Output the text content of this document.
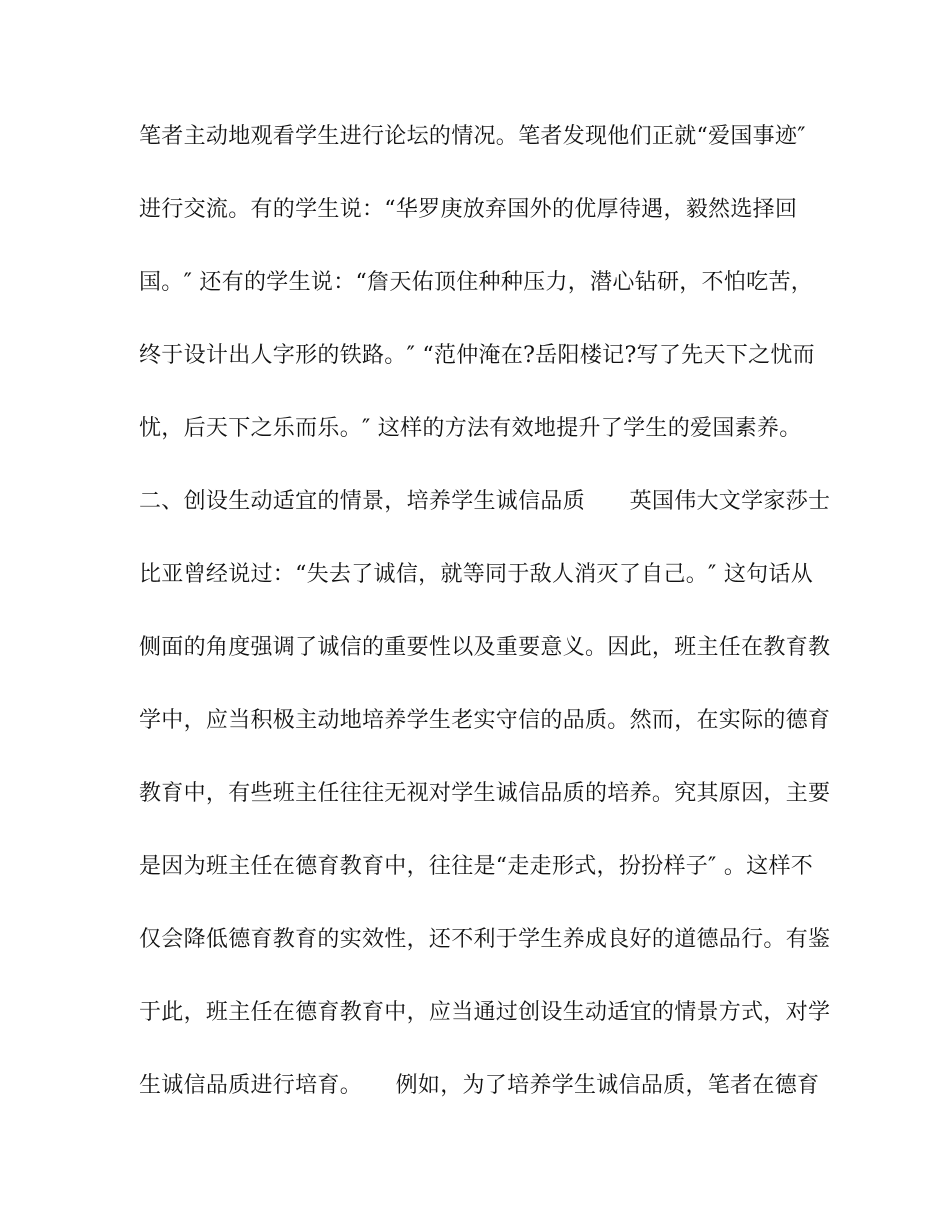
笔者主动地观看学生进行论坛的情况。笔者发现他们正就“爱国事迹″
进行交流。有的学生说：“华罗庚放弃国外的优厚待遇，毅然选择回
国。″ 还有的学生说：“詹天佑顶住种种压力，潜心钻研，不怕吃苦，
终于设计出人字形的铁路。″ “范仲淹在?岳阳楼记?写了先天下之忧而
忧，后天下之乐而乐。″ 这样的方法有效地提升了学生的爱国素养。
二、创设生动适宜的情景，培养学生诚信品质　　英国伟大文学家莎士
比亚曾经说过：“失去了诚信，就等同于敌人消灭了自己。″ 这句话从
侧面的角度强调了诚信的重要性以及重要意义。因此，班主任在教育教
学中，应当积极主动地培养学生老实守信的品质。然而，在实际的德育
教育中，有些班主任往往无视对学生诚信品质的培养。究其原因，主要
是因为班主任在德育教育中，往往是“走走形式，扮扮样子″ 。这样不
仅会降低德育教育的实效性，还不利于学生养成良好的道德品行。有鉴
于此，班主任在德育教育中，应当通过创设生动适宜的情景方式，对学
生诚信品质进行培育。　　例如，为了培养学生诚信品质，笔者在德育
